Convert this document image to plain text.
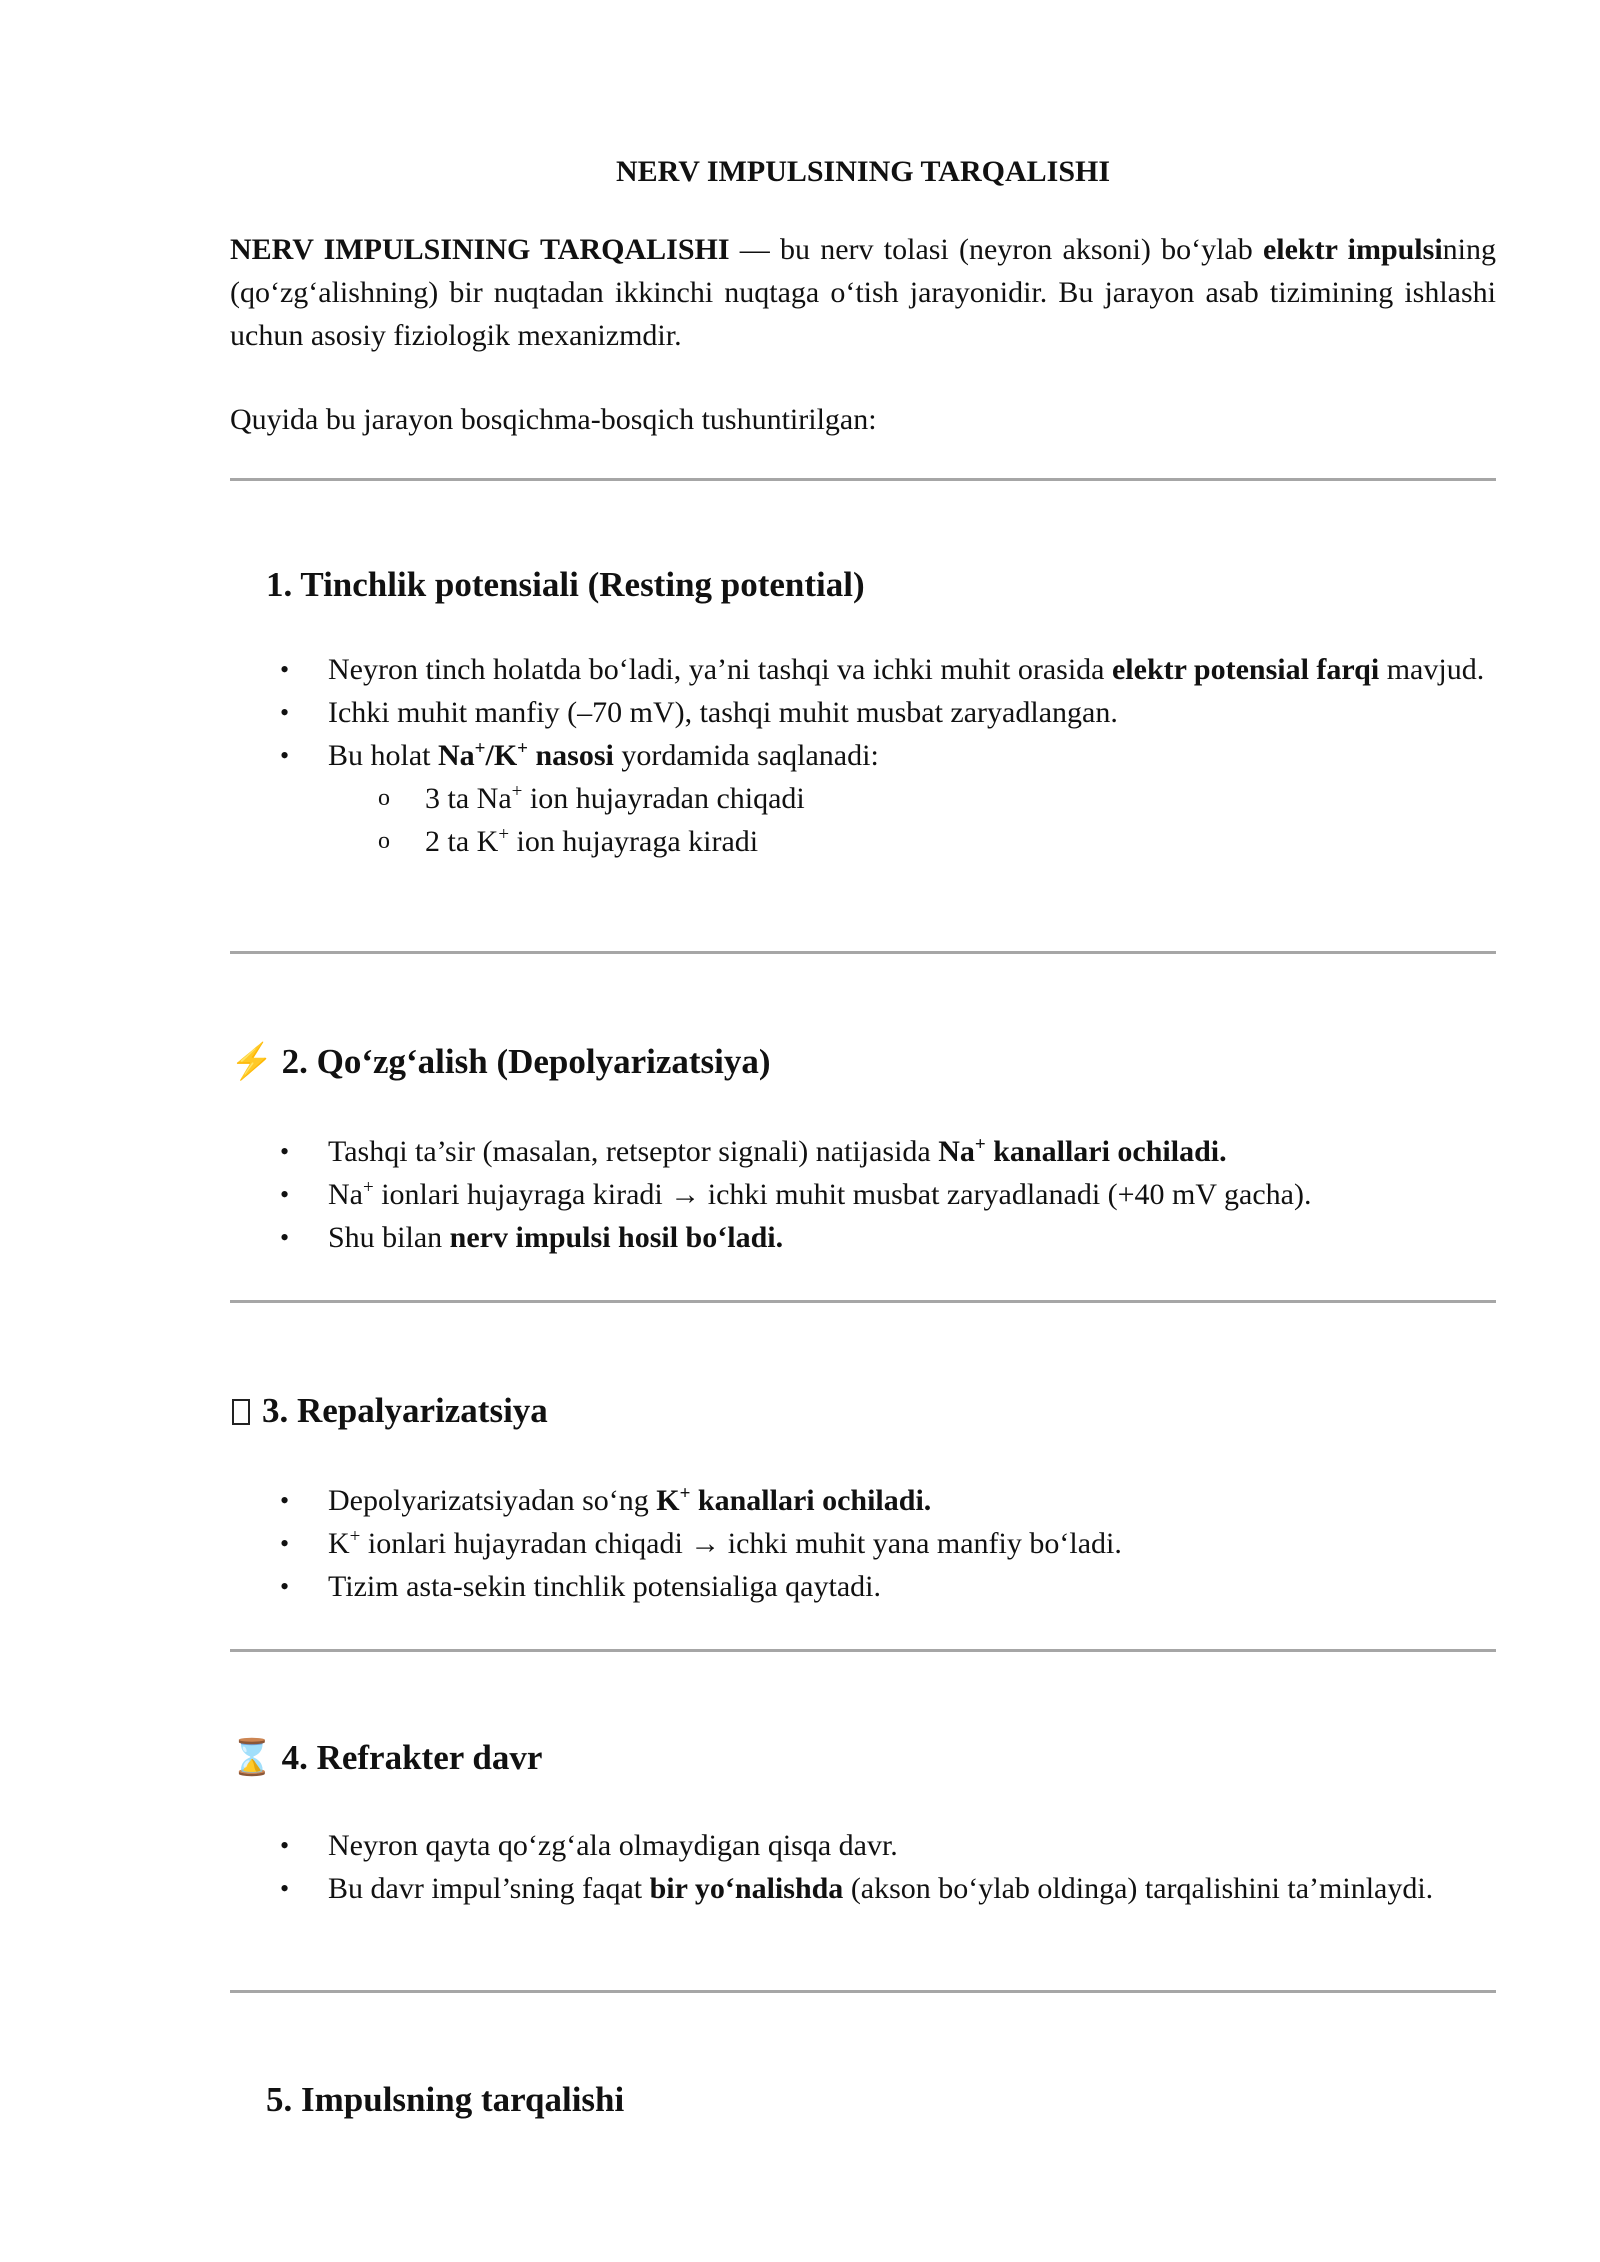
NERV IMPULSINING TARQALISHI

NERV IMPULSINING TARQALISHI — bu nerv tolasi (neyron aksoni) bo‘ylab elektr impulsining (qo‘zg‘alishning) bir nuqtadan ikkinchi nuqtaga o‘tish jarayonidir. Bu jarayon asab tizimining ishlashi uchun asosiy fiziologik mexanizmdir.

Quyida bu jarayon bosqichma-bosqich tushuntirilgan:

1. Tinchlik potensiali (Resting potential)
• Neyron tinch holatda bo‘ladi, ya’ni tashqi va ichki muhit orasida elektr potensial farqi mavjud.
• Ichki muhit manfiy (–70 mV), tashqi muhit musbat zaryadlangan.
• Bu holat Na+/K+ nasosi yordamida saqlanadi:
o 3 ta Na+ ion hujayradan chiqadi
o 2 ta K+ ion hujayraga kiradi
⚡ 2. Qo‘zg‘alish (Depolyarizatsiya)
• Tashqi ta’sir (masalan, retseptor signali) natijasida Na+ kanallari ochiladi.
• Na+ ionlari hujayraga kiradi → ichki muhit musbat zaryadlanadi (+40 mV gacha).
• Shu bilan nerv impulsi hosil bo‘ladi.
3. Repalyarizatsiya
• Depolyarizatsiyadan so‘ng K+ kanallari ochiladi.
• K+ ionlari hujayradan chiqadi → ichki muhit yana manfiy bo‘ladi.
• Tizim asta-sekin tinchlik potensialiga qaytadi.
⌛ 4. Refrakter davr
• Neyron qayta qo‘zg‘ala olmaydigan qisqa davr.
• Bu davr impul’sning faqat bir yo‘nalishda (akson bo‘ylab oldinga) tarqalishini ta’minlaydi.
5. Impulsning tarqalishi
